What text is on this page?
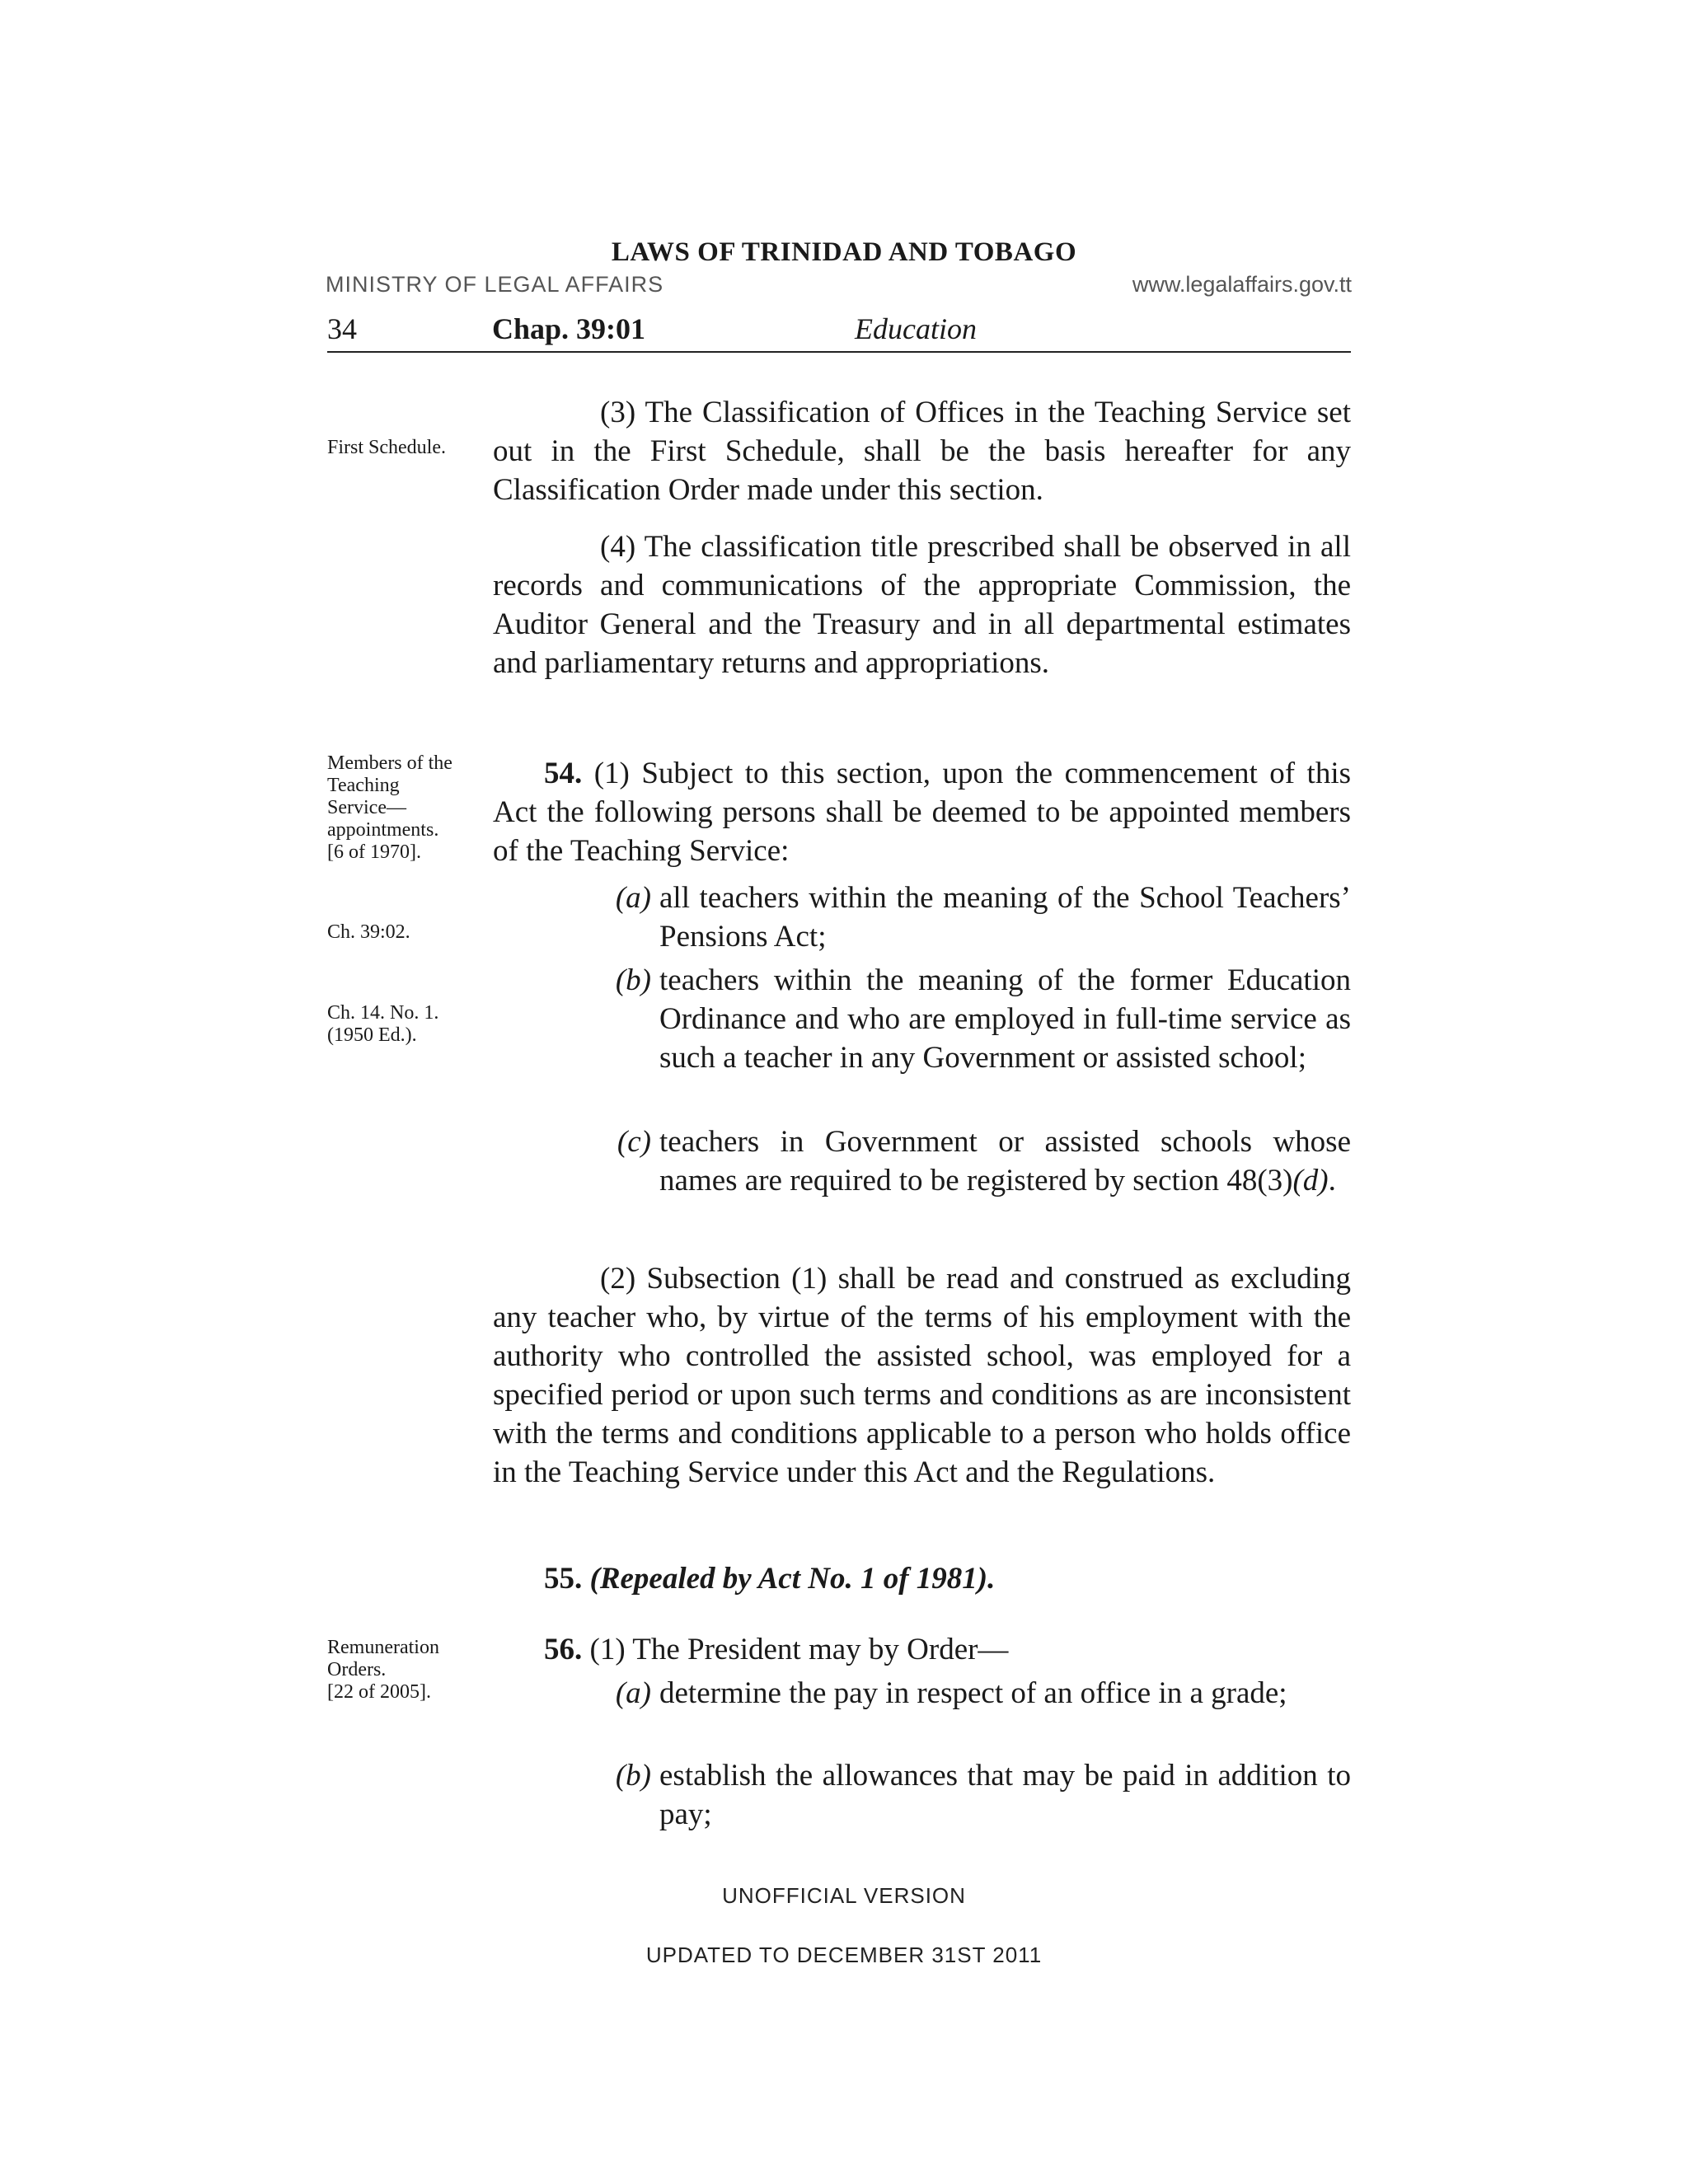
LAWS OF TRINIDAD AND TOBAGO
MINISTRY OF LEGAL AFFAIRS	www.legalaffairs.gov.tt
34	Chap. 39:01	Education
First Schedule.
Members of the
Teaching
Service—
appointments.
[6 of 1970].
Ch. 39:02.
Ch. 14. No. 1.
(1950 Ed.).
Remuneration
Orders.
[22 of 2005].
(3) The Classification of Offices in the Teaching Service set out in the First Schedule, shall be the basis hereafter for any Classification Order made under this section.
(4) The classification title prescribed shall be observed in all records and communications of the appropriate Commission, the Auditor General and the Treasury and in all departmental estimates and parliamentary returns and appropriations.
54. (1) Subject to this section, upon the commencement of this Act the following persons shall be deemed to be appointed members of the Teaching Service:
(a) all teachers within the meaning of the School Teachers’ Pensions Act;
(b) teachers within the meaning of the former Education Ordinance and who are employed in full-time service as such a teacher in any Government or assisted school;
(c) teachers in Government or assisted schools whose names are required to be registered by section 48(3)(d).
(2) Subsection (1) shall be read and construed as excluding any teacher who, by virtue of the terms of his employment with the authority who controlled the assisted school, was employed for a specified period or upon such terms and conditions as are inconsistent with the terms and conditions applicable to a person who holds office in the Teaching Service under this Act and the Regulations.
55. (Repealed by Act No. 1 of 1981).
56. (1) The President may by Order—
(a) determine the pay in respect of an office in a grade;
(b) establish the allowances that may be paid in addition to pay;
UNOFFICIAL VERSION
UPDATED TO DECEMBER 31ST 2011
